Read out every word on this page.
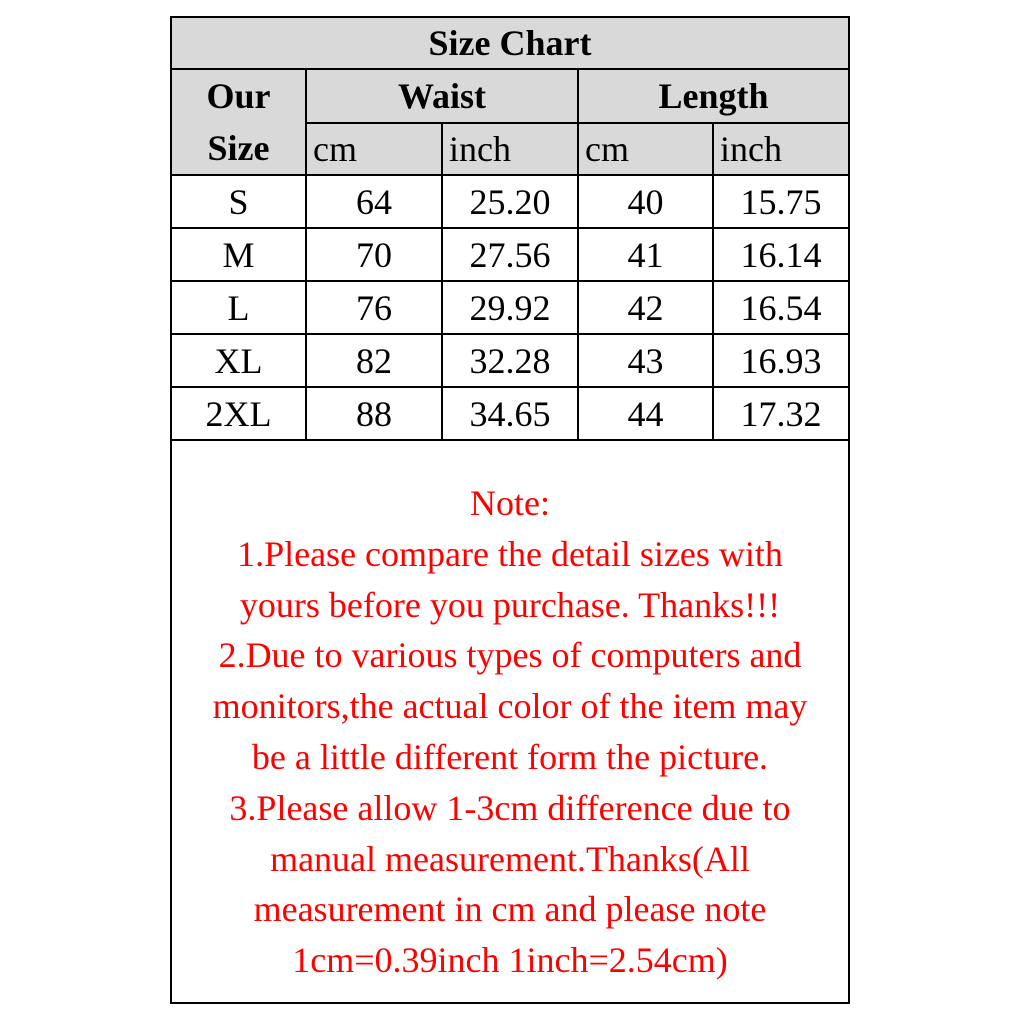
Size Chart				
Our
Size	Waist		Length	
	cm	inch	cm	inch
S	64	25.20	40	15.75
M	70	27.56	41	16.14
L	76	29.92	42	16.54
XL	82	32.28	43	16.93
2XL	88	34.65	44	17.32
Note:
1.Please compare the detail sizes with
yours before you purchase. Thanks!!!
2.Due to various types of computers and
monitors,the actual color of the item may
be a little different form the picture.
3.Please allow 1-3cm difference due to
manual measurement.Thanks(All
measurement in cm and please note
1cm=0.39inch 1inch=2.54cm)
